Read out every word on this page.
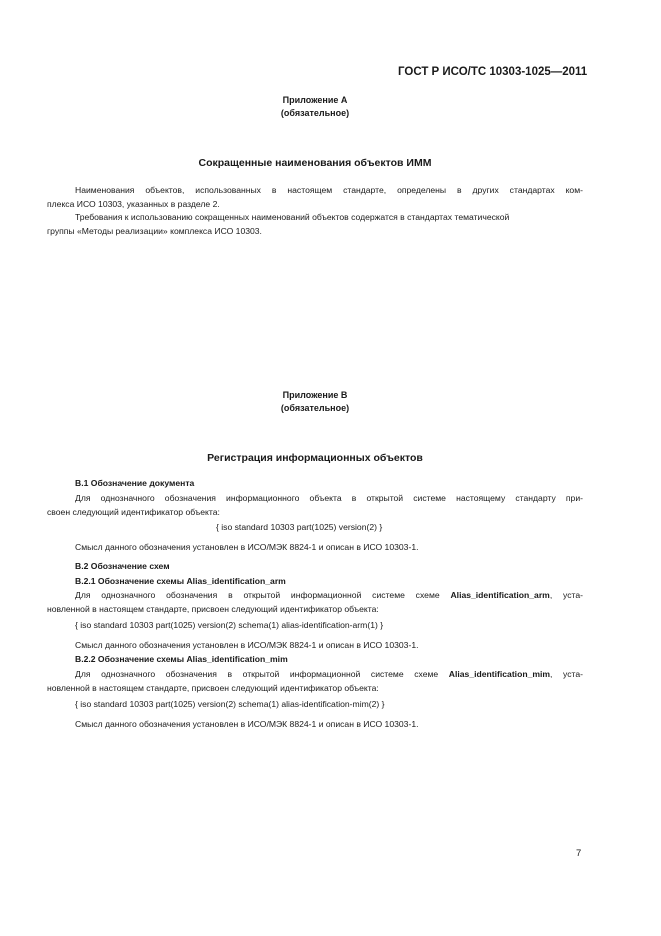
ГОСТ Р ИСО/ТС 10303-1025—2011
Приложение А
(обязательное)
Сокращенные наименования объектов ИММ
Наименования объектов, использованных в настоящем стандарте, определены в других стандартах ком-
плекса ИСО 10303, указанных в разделе 2.
Требования к использованию сокращенных наименований объектов содержатся в стандартах тематической
группы «Методы реализации» комплекса ИСО 10303.
Приложение В
(обязательное)
Регистрация информационных объектов
В.1 Обозначение документа
Для однозначного обозначения информационного объекта в открытой системе настоящему стандарту при-
своен следующий идентификатор объекта:
{ iso standard 10303 part(1025) version(2) }
Смысл данного обозначения установлен в ИСО/МЭК 8824-1 и описан в ИСО 10303-1.
В.2 Обозначение схем
В.2.1 Обозначение схемы Alias_identification_arm
Для однозначного обозначения в открытой информационной системе схеме Alias_identification_arm, уста-
новленной в настоящем стандарте, присвоен следующий идентификатор объекта:
{ iso standard 10303 part(1025) version(2) schema(1) alias-identification-arm(1) }
Смысл данного обозначения установлен в ИСО/МЭК 8824-1 и описан в ИСО 10303-1.
В.2.2 Обозначение схемы Alias_identification_mim
Для однозначного обозначения в открытой информационной системе схеме Alias_identification_mim, уста-
новленной в настоящем стандарте, присвоен следующий идентификатор объекта:
{ iso standard 10303 part(1025) version(2) schema(1) alias-identification-mim(2) }
Смысл данного обозначения установлен в ИСО/МЭК 8824-1 и описан в ИСО 10303-1.
7
